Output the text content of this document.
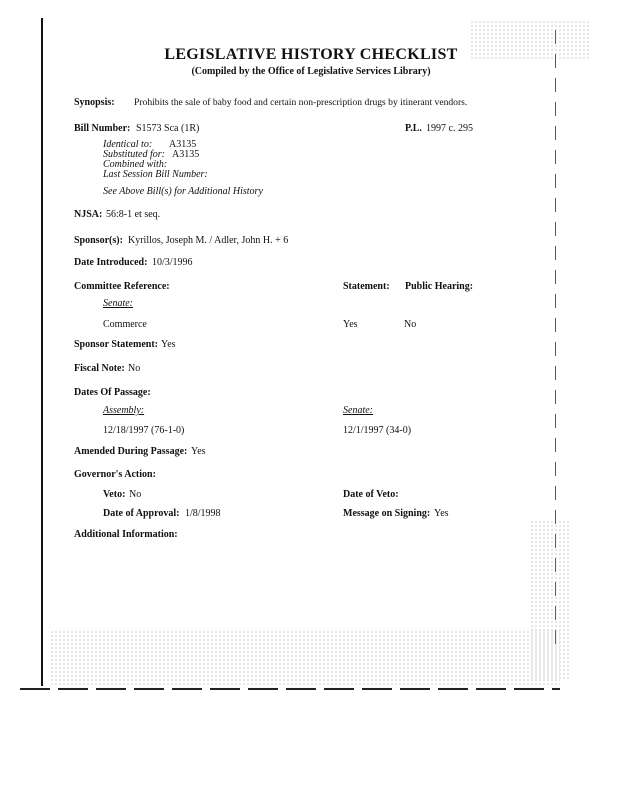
LEGISLATIVE HISTORY CHECKLIST
(Compiled by the Office of Legislative Services Library)
Synopsis: Prohibits the sale of baby food and certain non-prescription drugs by itinerant vendors.
Bill Number: S1573 Sca (1R)	P.L. 1997 c. 295
Identical to: A3135
Substituted for: A3135
Combined with:
Last Session Bill Number:
See Above Bill(s) for Additional History
NJSA: 56:8-1 et seq.
Sponsor(s): Kyrillos, Joseph M. / Adler, John H. + 6
Date Introduced: 10/3/1996
Committee Reference:	Statement: Public Hearing:
Senate:
Commerce	Yes	No
Sponsor Statement: Yes
Fiscal Note: No
Dates Of Passage:
Assembly:	Senate:
12/18/1997 (76-1-0)	12/1/1997 (34-0)
Amended During Passage: Yes
Governor's Action:
Veto: No	Date of Veto:
Date of Approval: 1/8/1998	Message on Signing: Yes
Additional Information:
